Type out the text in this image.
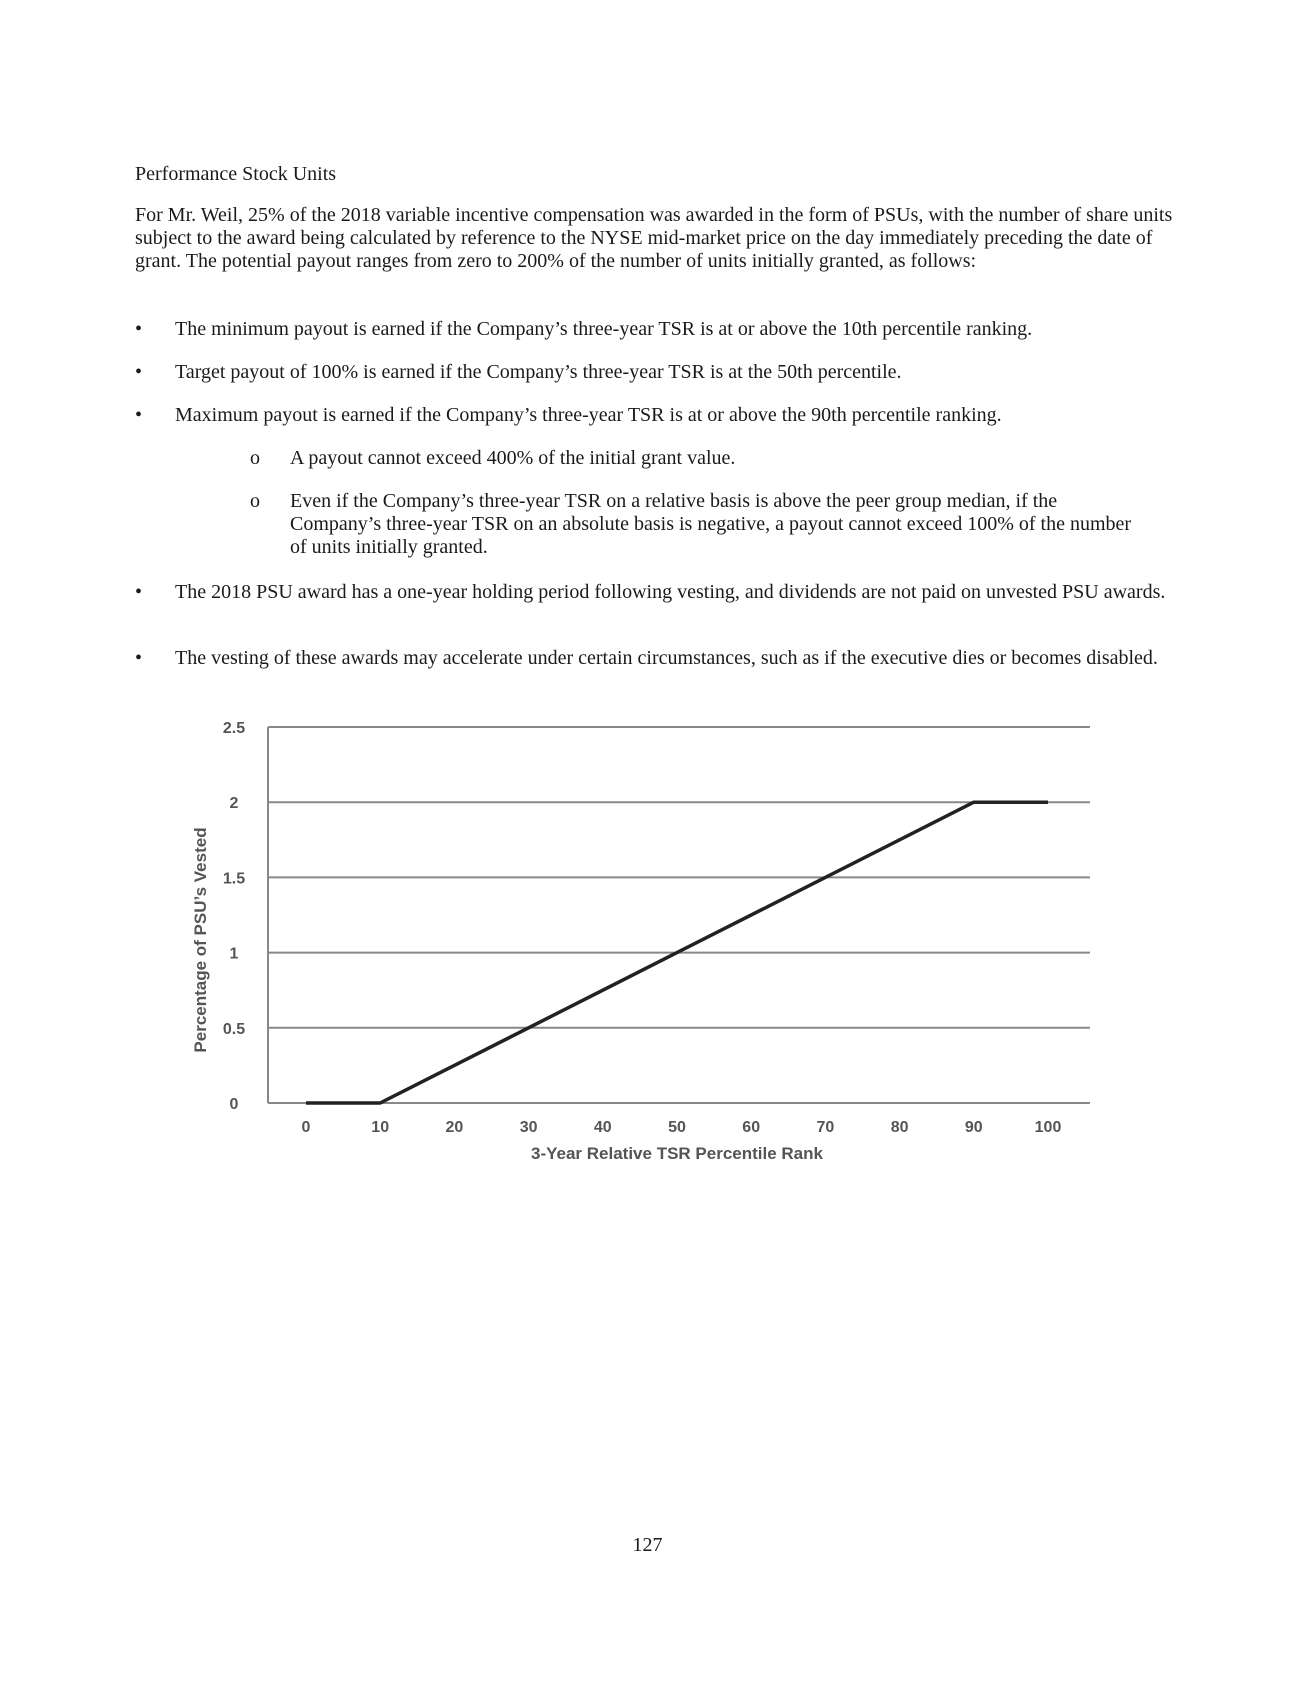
Performance Stock Units
For Mr. Weil, 25% of the 2018 variable incentive compensation was awarded in the form of PSUs, with the number of share units subject to the award being calculated by reference to the NYSE mid-market price on the day immediately preceding the date of grant. The potential payout ranges from zero to 200% of the number of units initially granted, as follows:
•	The minimum payout is earned if the Company’s three-year TSR is at or above the 10th percentile ranking.
•	Target payout of 100% is earned if the Company’s three-year TSR is at the 50th percentile.
•	Maximum payout is earned if the Company’s three-year TSR is at or above the 90th percentile ranking.
o A payout cannot exceed 400% of the initial grant value.
o Even if the Company’s three-year TSR on a relative basis is above the peer group median, if the Company’s three-year TSR on an absolute basis is negative, a payout cannot exceed 100% of the number of units initially granted.
•	The 2018 PSU award has a one-year holding period following vesting, and dividends are not paid on unvested PSU awards.
•	The vesting of these awards may accelerate under certain circumstances, such as if the executive dies or becomes disabled.
0
0.5
1
1.5
2
2.5
0	10	20	30	40	50	60	70	80	90	100
3-Year Relative TSR Percentile Rank
Percentage of PSU’s Vested
127
